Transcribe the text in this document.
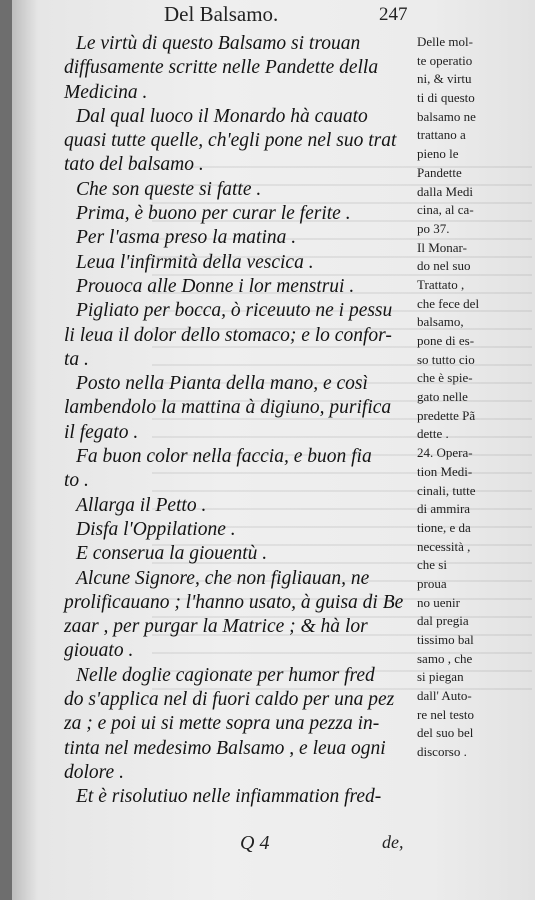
Del Balsamo.	247
Le virtù di questo Balsamo si trouan
diffusamente scritte nelle Pandette della
Medicina .
Dal qual luoco il Monardo hà cauato
quasi tutte quelle, ch'egli pone nel suo trat
tato del balsamo .
Che son queste si fatte .
Prima, è buono per curar le ferite .
Per l'asma preso la matina .
Leua l'infirmità della vescica .
Prouoca alle Donne i lor menstrui .
Pigliato per bocca, ò riceuuto ne i pessu
li leua il dolor dello stomaco; e lo confor-
ta .
Posto nella Pianta della mano, e così
lambendolo la mattina à digiuno, purifica
il fegato .
Fa buon color nella faccia, e buon fia
to .
Allarga il Petto .
Disfa l'Oppilatione .
E conserua la giouentù .
Alcune Signore, che non figliauan, ne
prolificauano ; l'hanno usato, à guisa di Be
zaar , per purgar la Matrice ; & hà lor
giouato .
Nelle doglie cagionate per humor fred
do s'applica nel di fuori caldo per una pez
za ; e poi ui si mette sopra una pezza in-
tinta nel medesimo Balsamo , e leua ogni
dolore .
Et è risolutiuo nelle infiammation fred-
Delle mol-
te operatio
ni, & virtu
ti di questo
balsamo ne
trattano a
pieno le
Pandette
dalla Medi
cina, al ca-
po 37.
Il Monar-
do nel suo
Trattato ,
che fece del
balsamo,
pone di es-
so tutto cio
che è spie-
gato nelle
predette Pã
dette .
24. Opera-
tion Medi-
cinali, tutte
di ammira
tione, e da
necessità ,
che si
proua
no uenir
dal pregia
tissimo bal
samo , che
si piegan
dall' Auto-
re nel testo
del suo bel
discorso .
Q 4	de,
